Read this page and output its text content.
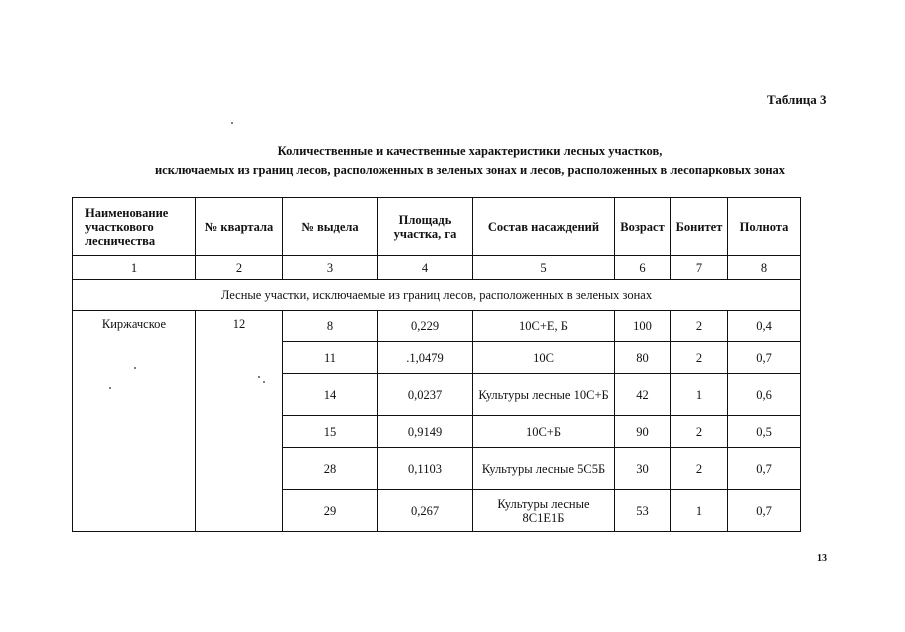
Таблица 3
Количественные и качественные характеристики лесных участков,
исключаемых из границ лесов, расположенных в зеленых зонах и лесов, расположенных в лесопарковых зонах
Наименование участкового лесничества	№ квартала	№ выдела	Площадь участка, га	Состав насаждений	Возраст	Бонитет	Полнота
1	2	3	4	5	6	7	8
Лесные участки, исключаемые из границ лесов, расположенных в зеленых зонах							
Киржачское	12	8	0,229	10С+Е, Б	100	2	0,4
		11	.1,0479	10С	80	2	0,7
		14	0,0237	Культуры лесные 10С+Б	42	1	0,6
		15	0,9149	10С+Б	90	2	0,5
		28	0,1103	Культуры лесные 5С5Б	30	2	0,7
		29	0,267	Культуры лесные 8С1Е1Б	53	1	0,7
13
